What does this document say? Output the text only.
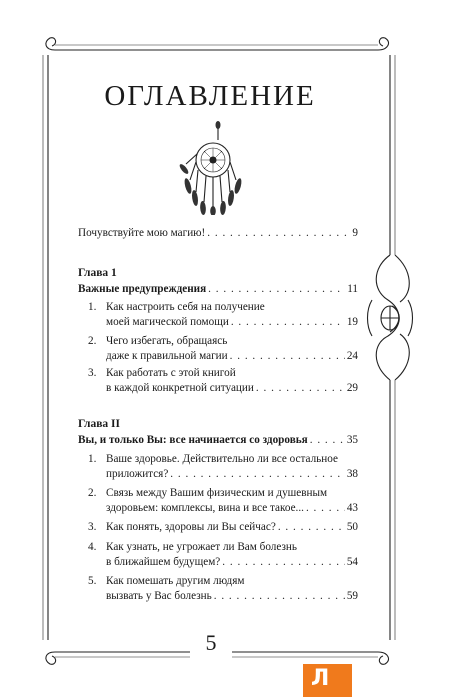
ОГЛАВЛЕНИЕ
Почувствуйте мою магию! . . .	9
Глава 1
Важные предупреждения . . .	11
1. Как настроить себя на получение
моей магической помощи . . .	19
2. Чего избегать, обращаясь
даже к правильной магии . . .	24
3. Как работать с этой книгой
в каждой конкретной ситуации . . .	29
Глава II
Вы, и только Вы: все начинается со здоровья . . .	35
1. Ваше здоровье. Действительно ли все остальное
приложится? . . .	38
2. Связь между Вашим физическим и душевным
здоровьем: комплексы, вина и все такое... . . .	43
3. Как понять, здоровы ли Вы сейчас? . . .	50
4. Как узнать, не угрожает ли Вам болезнь
в ближайшем будущем? . . .	54
5. Как помешать другим людям
вызвать у Вас болезнь . . .	59
5
Л
